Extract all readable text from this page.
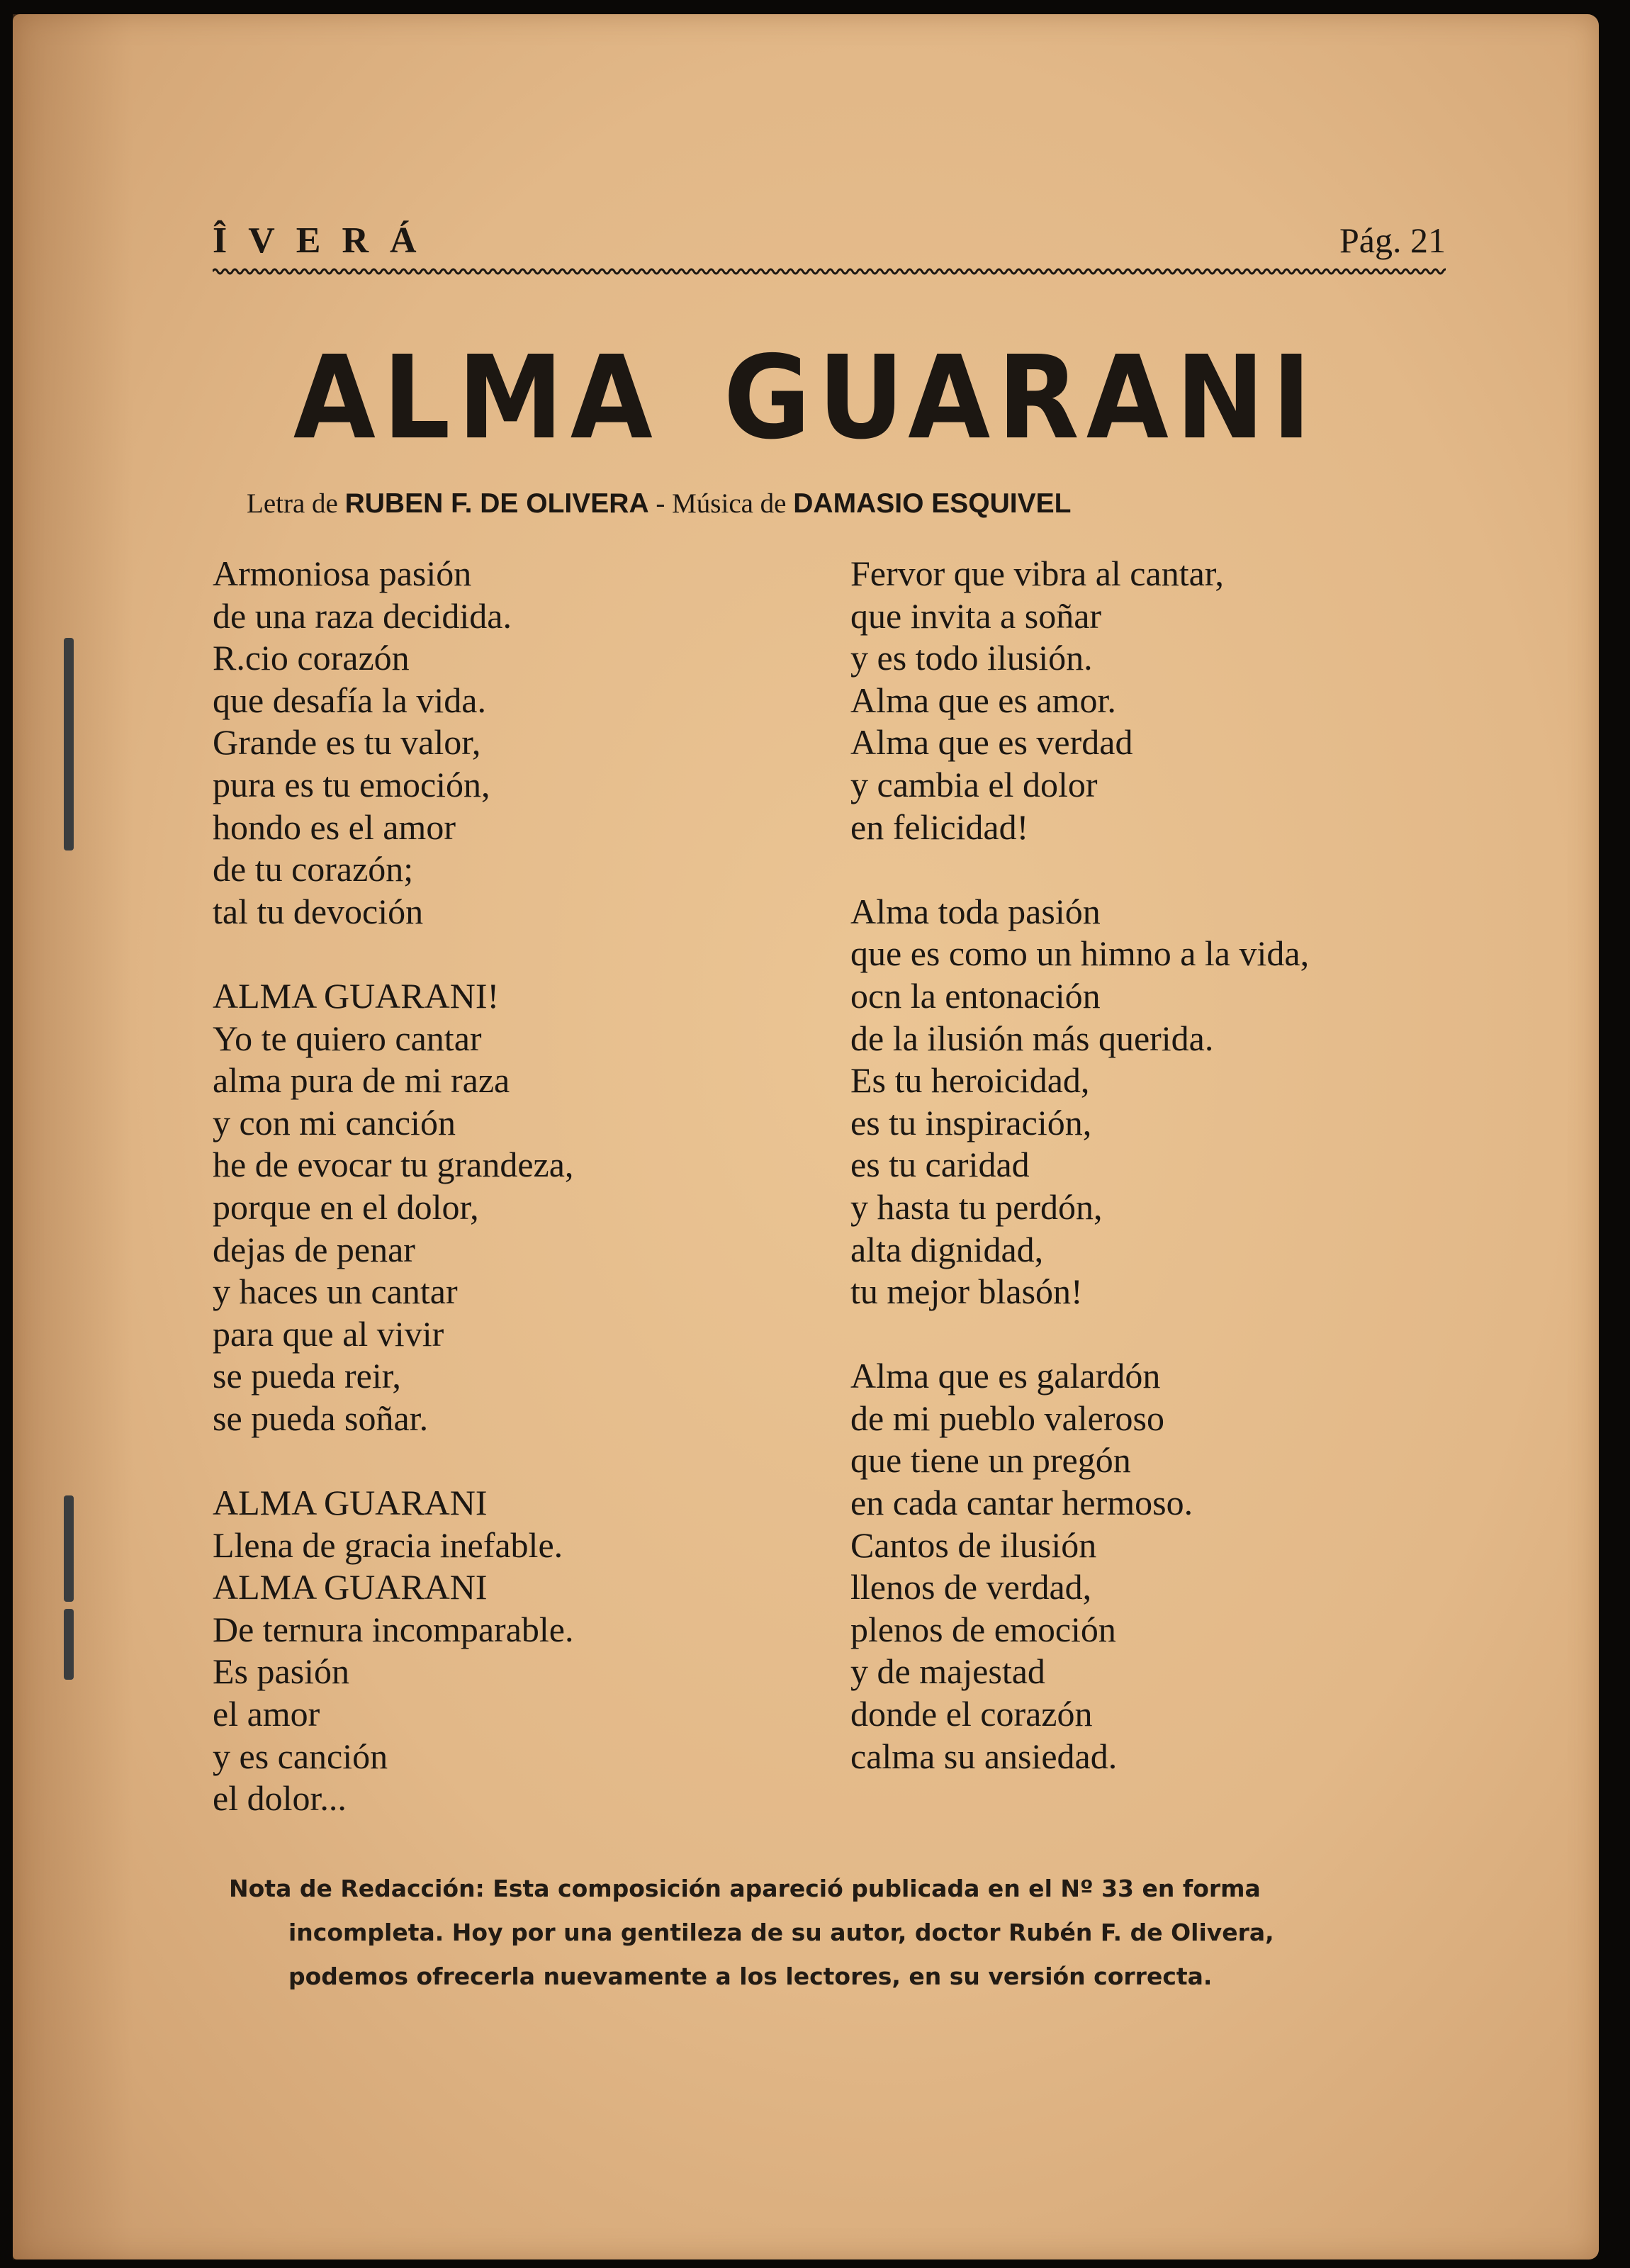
ÎVERÁ	Pág. 21
ALMA GUARANI
Letra de RUBEN F. DE OLIVERA - Música de DAMASIO ESQUIVEL
Armoniosa pasión
de una raza decidida.
R.cio corazón
que desafía la vida.
Grande es tu valor,
pura es tu emoción,
hondo es el amor
de tu corazón;
tal tu devoción
ALMA GUARANI!
Yo te quiero cantar
alma pura de mi raza
y con mi canción
he de evocar tu grandeza,
porque en el dolor,
dejas de penar
y haces un cantar
para que al vivir
se pueda reir,
se pueda soñar.
ALMA GUARANI
Llena de gracia inefable.
ALMA GUARANI
De ternura incomparable.
Es pasión
el amor
y es canción
el dolor...
Fervor que vibra al cantar,
que invita a soñar
y es todo ilusión.
Alma que es amor.
Alma que es verdad
y cambia el dolor
en felicidad!
Alma toda pasión
que es como un himno a la vida,
ocn la entonación
de la ilusión más querida.
Es tu heroicidad,
es tu inspiración,
es tu caridad
y hasta tu perdón,
alta dignidad,
tu mejor blasón!
Alma que es galardón
de mi pueblo valeroso
que tiene un pregón
en cada cantar hermoso.
Cantos de ilusión
llenos de verdad,
plenos de emoción
y de majestad
donde el corazón
calma su ansiedad.
Nota de Redacción: Esta composición apareció publicada en el Nº 33 en forma
incompleta. Hoy por una gentileza de su autor, doctor Rubén F. de Olivera,
podemos ofrecerla nuevamente a los lectores, en su versión correcta.
